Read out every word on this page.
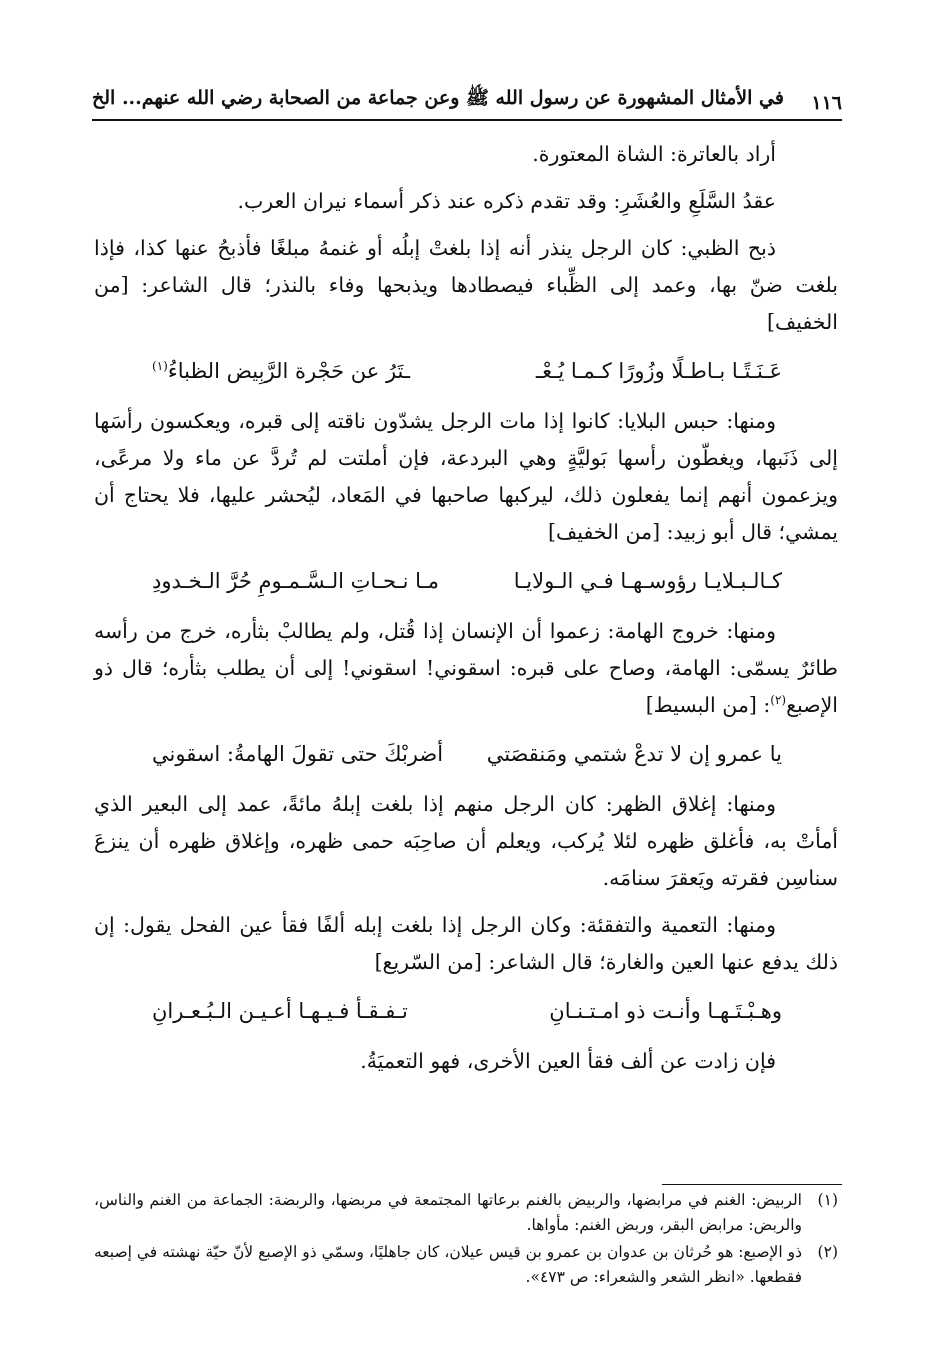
١١٦
في الأمثال المشهورة عن رسول الله ﷺ وعن جماعة من الصحابة رضي الله عنهم... الخ

أراد بالعاترة: الشاة المعتورة.

عقدُ السَّلَعِ والعُشَرِ: وقد تقدم ذكره عند ذكر أسماء نيران العرب.

ذبح الظبي: كان الرجل ينذر أنه إذا بلغتْ إبلُه أو غنمهُ مبلغًا فأذبحُ عنها كذا، فإذا بلغت ضنّ بها، وعمد إلى الظِّباء فيصطادها ويذبحها وفاء بالنذر؛ قال الشاعر: [من الخفيف]

عَـنَـتًـا بـاطـلًا وزُورًا كـمـا يُـعْـ
ـتَرُ عن حَجْرة الرَّبِيض الظباءُ$^{(١)}$

ومنها: حبس البلايا: كانوا إذا مات الرجل يشدّون ناقته إلى قبره، ويعكسون رأسَها إلى ذَنَبها، ويغطّون رأسها بَوليَّةٍ وهي البردعة، فإن أملتت لم تُردَّ عن ماء ولا مرعًى، ويزعمون أنهم إنما يفعلون ذلك، ليركبها صاحبها في المَعاد، ليُحشر عليها، فلا يحتاج أن يمشي؛ قال أبو زبيد: [من الخفيف]

كـالـبـلايـا رؤوسـهـا فـي الـولايـا
مـا نـحـاتِ الـسَّـمـومِ حُرَّ الـخـدودِ

ومنها: خروج الهامة: زعموا أن الإنسان إذا قُتل، ولم يطالبْ بثأره، خرج من رأسه طائرٌ يسمّى: الهامة، وصاح على قبره: اسقوني! اسقوني! إلى أن يطلب بثأره؛ قال ذو الإصبع$^{(٢)}$: [من البسيط]

يا عمرو إن لا تدعْ شتمي ومَنقصَتي
أضربْكَ حتى تقولَ الهامةُ: اسقوني

ومنها: إغلاق الظهر: كان الرجل منهم إذا بلغت إبلهُ مائةً، عمد إلى البعير الذي أمأتْ به، فأغلق ظهره لئلا يُركب، ويعلم أن صاحِبَه حمى ظهره، وإغلاق ظهره أن ينزعَ سناسِن فقرته ويَعقرَ سنامَه.

ومنها: التعمية والتفقئة: وكان الرجل إذا بلغت إبله ألفًا فقأ عين الفحل يقول: إن ذلك يدفع عنها العين والغارة؛ قال الشاعر: [من السّريع]

وهـبْـتَـهـا وأنـت ذو امـتـنـانِ
تـفـقـأ فـيـهـا أعـيـن الـبُـعـرانِ

فإن زادت عن ألف فقأ العين الأخرى، فهو التعميَةُ.

(١)
الربيض: الغنم في مرابضها، والربيض بالغنم برعاتها المجتمعة في مربضها، والربضة: الجماعة من الغنم والناس، والربض: مرابض البقر، وربض الغنم: مأواها.
(٢)
ذو الإصبع: هو حُرثان بن عدوان بن عمرو بن قيس عيلان، كان جاهليًا، وسمّي ذو الإصبع لأنّ حيّة نهشته في إصبعه فقطعها. «انظر الشعر والشعراء: ص ٤٧٣».
